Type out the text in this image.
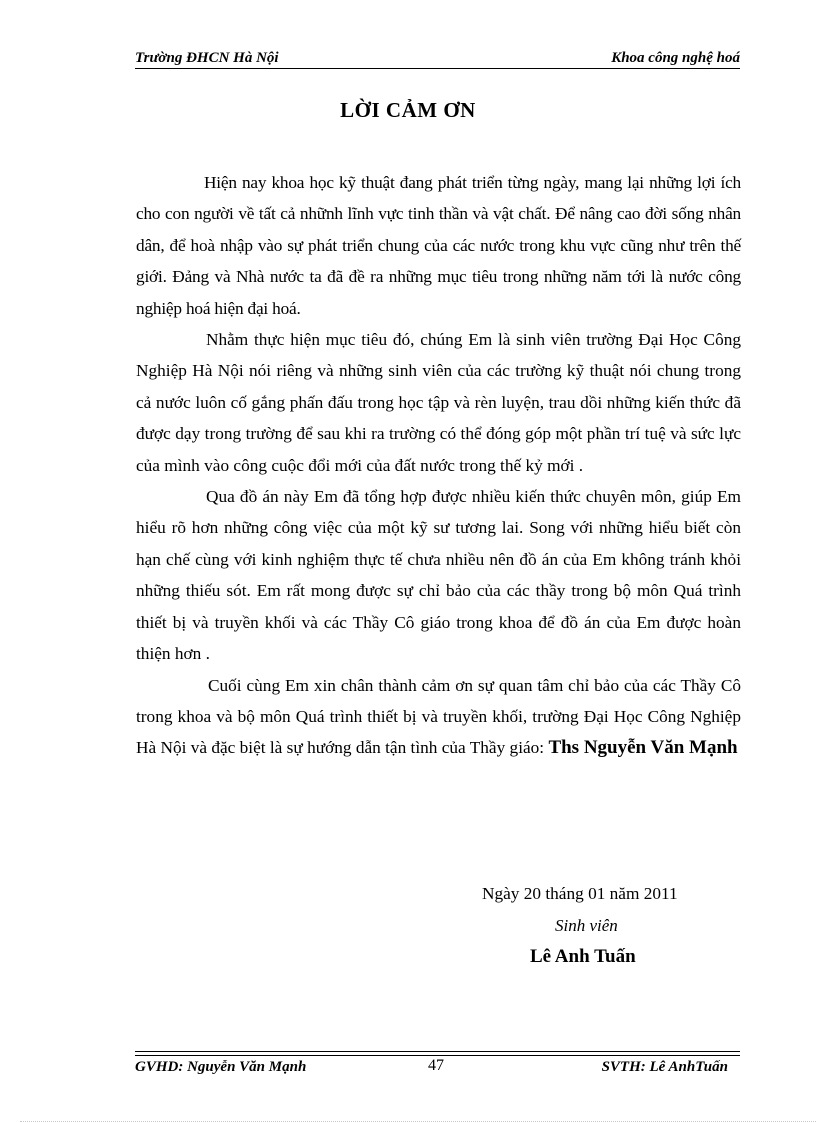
Trường ĐHCN Hà Nội	Khoa công nghệ hoá
LỜI CẢM ƠN

Hiện nay khoa học kỹ thuật đang phát triển từng ngày, mang lại những lợi ích cho con người về tất cả nhữnh lĩnh vực tinh thần và vật chất. Để nâng cao đời sống nhân dân, để hoà nhập vào sự phát triển chung của các nước trong khu vực cũng như trên thế giới. Đảng và Nhà nước ta đã đề ra những mục tiêu trong những năm tới là nước công nghiệp hoá hiện đại hoá.

Nhằm thực hiện mục tiêu đó, chúng Em là sinh viên trường Đại Học Công Nghiệp Hà Nội nói riêng và những sinh viên của các trường kỹ thuật nói chung trong cả nước luôn cố gắng phấn đấu trong học tập và rèn luyện, trau dồi những kiến thức đã được dạy trong trường để sau khi ra trường có thể đóng góp một phần trí tuệ và sức lực của mình vào công cuộc đổi mới của đất nước trong thế kỷ mới .

Qua đồ án này Em đã tổng hợp được nhiều kiến thức chuyên môn, giúp Em hiểu rõ hơn những công việc của một kỹ sư tương lai. Song với những hiểu biết còn hạn chế cùng với kinh nghiệm thực tế chưa nhiều nên đồ án của Em không tránh khỏi những thiếu sót. Em rất mong được sự chỉ bảo của các thầy trong bộ môn Quá trình thiết bị và truyền khối và các Thầy Cô giáo trong khoa để đồ án của Em được hoàn thiện hơn .

Cuối cùng Em xin chân thành cảm ơn sự quan tâm chỉ bảo của các Thầy Cô trong khoa và bộ môn Quá trình thiết bị và truyền khối, trường Đại Học Công Nghiệp Hà Nội và đặc biệt là sự hướng dẫn tận tình của Thầy giáo: Ths Nguyễn Văn Mạnh

Ngày 20 tháng 01 năm 2011
Sinh viên
Lê Anh Tuấn
GVHD: Nguyễn Văn Mạnh	47	SVTH: Lê AnhTuấn
